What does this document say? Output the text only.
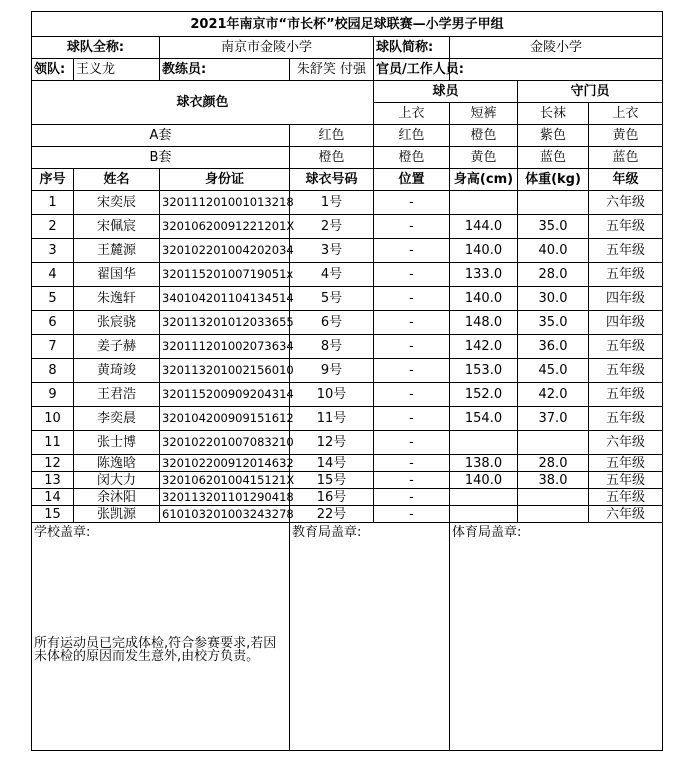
2021年南京市“市长杯”校园足球联赛—小学男子甲组								
球队全称:		南京市金陵小学		球队简称:	金陵小学			
领队:	王义龙	教练员:	朱舒笑 付强	官员/工作人员:				
球衣颜色				球员		守门员		
				上衣	短裤	长袜	上衣		
A套			红色	红色	橙色	紫色	黄色	
B套			橙色	橙色	黄色	蓝色	蓝色	
序号	姓名	身份证	球衣号码	位置	身高(cm)	体重(kg)	年级	
1	宋奕辰	320111201001013218	1号	-			六年级	
2	宋佩宸	32010620091221201X	2号	-	144.0	35.0	五年级	
3	王麓源	320102201004202034	3号	-	140.0	40.0	五年级	
4	翟国华	32011520100719051x	4号	-	133.0	28.0	五年级	
5	朱逸轩	340104201104134514	5号	-	140.0	30.0	四年级	
6	张宸骁	320113201012033655	6号	-	148.0	35.0	四年级	
7	姜子赫	320111201002073634	8号	-	142.0	36.0	五年级	
8	黄琦竣	320113201002156010	9号	-	153.0	45.0	五年级	
9	王君浩	320115200909204314	10号	-	152.0	42.0	五年级	
10	李奕晨	320104200909151612	11号	-	154.0	37.0	五年级	
11	张士博	320102201007083210	12号	-			六年级	
12	陈逸晗	320102200912014632	14号	-	138.0	28.0	五年级	
13	闵大力	32010620100415121X	15号	-	140.0	38.0	五年级	
14	余沐阳	320113201101290418	16号	-			五年级	
15	张凯源	610103201003243278	22号	-			六年级	

学校盖章:
所有运动员已完成体检,符合参赛要求,若因未体检的原因而发生意外,由校方负责。			教育局盖章:		体育局盖章:			
